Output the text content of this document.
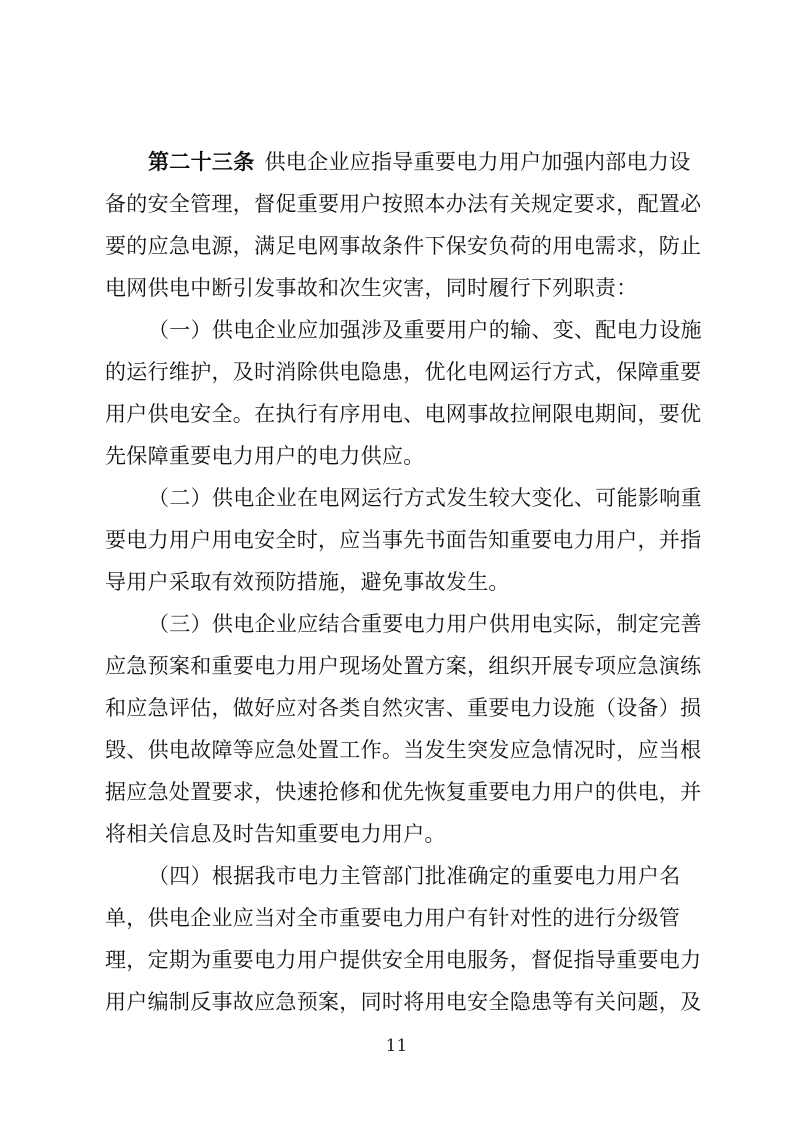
第二十三条 供电企业应指导重要电力用户加强内部电力设
备的安全管理，督促重要用户按照本办法有关规定要求，配置必
要的应急电源，满足电网事故条件下保安负荷的用电需求，防止
电网供电中断引发事故和次生灾害，同时履行下列职责：
（一）供电企业应加强涉及重要用户的输、变、配电力设施
的运行维护，及时消除供电隐患，优化电网运行方式，保障重要
用户供电安全。在执行有序用电、电网事故拉闸限电期间，要优
先保障重要电力用户的电力供应。
（二）供电企业在电网运行方式发生较大变化、可能影响重
要电力用户用电安全时，应当事先书面告知重要电力用户，并指
导用户采取有效预防措施，避免事故发生。
（三）供电企业应结合重要电力用户供用电实际，制定完善
应急预案和重要电力用户现场处置方案，组织开展专项应急演练
和应急评估，做好应对各类自然灾害、重要电力设施（设备）损
毁、供电故障等应急处置工作。当发生突发应急情况时，应当根
据应急处置要求，快速抢修和优先恢复重要电力用户的供电，并
将相关信息及时告知重要电力用户。
（四）根据我市电力主管部门批准确定的重要电力用户名
单，供电企业应当对全市重要电力用户有针对性的进行分级管
理，定期为重要电力用户提供安全用电服务，督促指导重要电力
用户编制反事故应急预案，同时将用电安全隐患等有关问题，及
11
